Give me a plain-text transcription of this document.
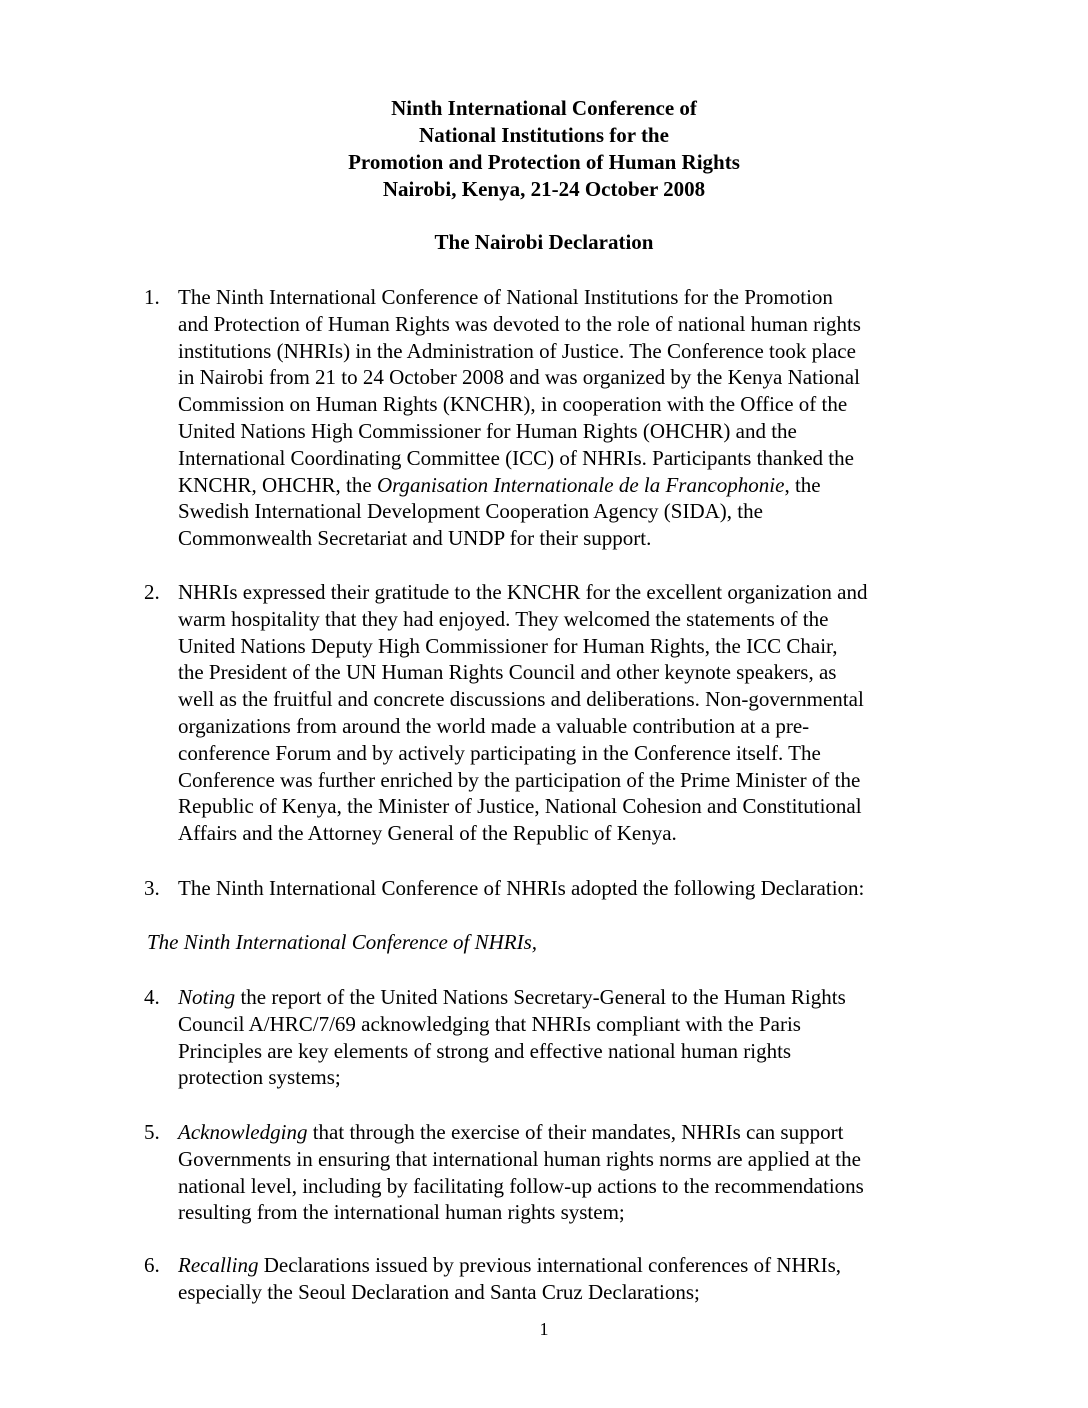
Ninth International Conference of
National Institutions for the
Promotion and Protection of Human Rights
Nairobi, Kenya, 21-24 October 2008
The Nairobi Declaration
1. The Ninth International Conference of National Institutions for the Promotion
and Protection of Human Rights was devoted to the role of national human rights
institutions (NHRIs) in the Administration of Justice. The Conference took place
in Nairobi from 21 to 24 October 2008 and was organized by the Kenya National
Commission on Human Rights (KNCHR), in cooperation with the Office of the
United Nations High Commissioner for Human Rights (OHCHR) and the
International Coordinating Committee (ICC) of NHRIs. Participants thanked the
KNCHR, OHCHR, the Organisation Internationale de la Francophonie, the
Swedish International Development Cooperation Agency (SIDA), the
Commonwealth Secretariat and UNDP for their support.
2. NHRIs expressed their gratitude to the KNCHR for the excellent organization and
warm hospitality that they had enjoyed. They welcomed the statements of the
United Nations Deputy High Commissioner for Human Rights, the ICC Chair,
the President of the UN Human Rights Council and other keynote speakers, as
well as the fruitful and concrete discussions and deliberations. Non-governmental
organizations from around the world made a valuable contribution at a pre-
conference Forum and by actively participating in the Conference itself. The
Conference was further enriched by the participation of the Prime Minister of the
Republic of Kenya, the Minister of Justice, National Cohesion and Constitutional
Affairs and the Attorney General of the Republic of Kenya.
3. The Ninth International Conference of NHRIs adopted the following Declaration:
The Ninth International Conference of NHRIs,
4. Noting the report of the United Nations Secretary-General to the Human Rights
Council A/HRC/7/69 acknowledging that NHRIs compliant with the Paris
Principles are key elements of strong and effective national human rights
protection systems;
5. Acknowledging that through the exercise of their mandates, NHRIs can support
Governments in ensuring that international human rights norms are applied at the
national level, including by facilitating follow-up actions to the recommendations
resulting from the international human rights system;
6. Recalling Declarations issued by previous international conferences of NHRIs,
especially the Seoul Declaration and Santa Cruz Declarations;
1
